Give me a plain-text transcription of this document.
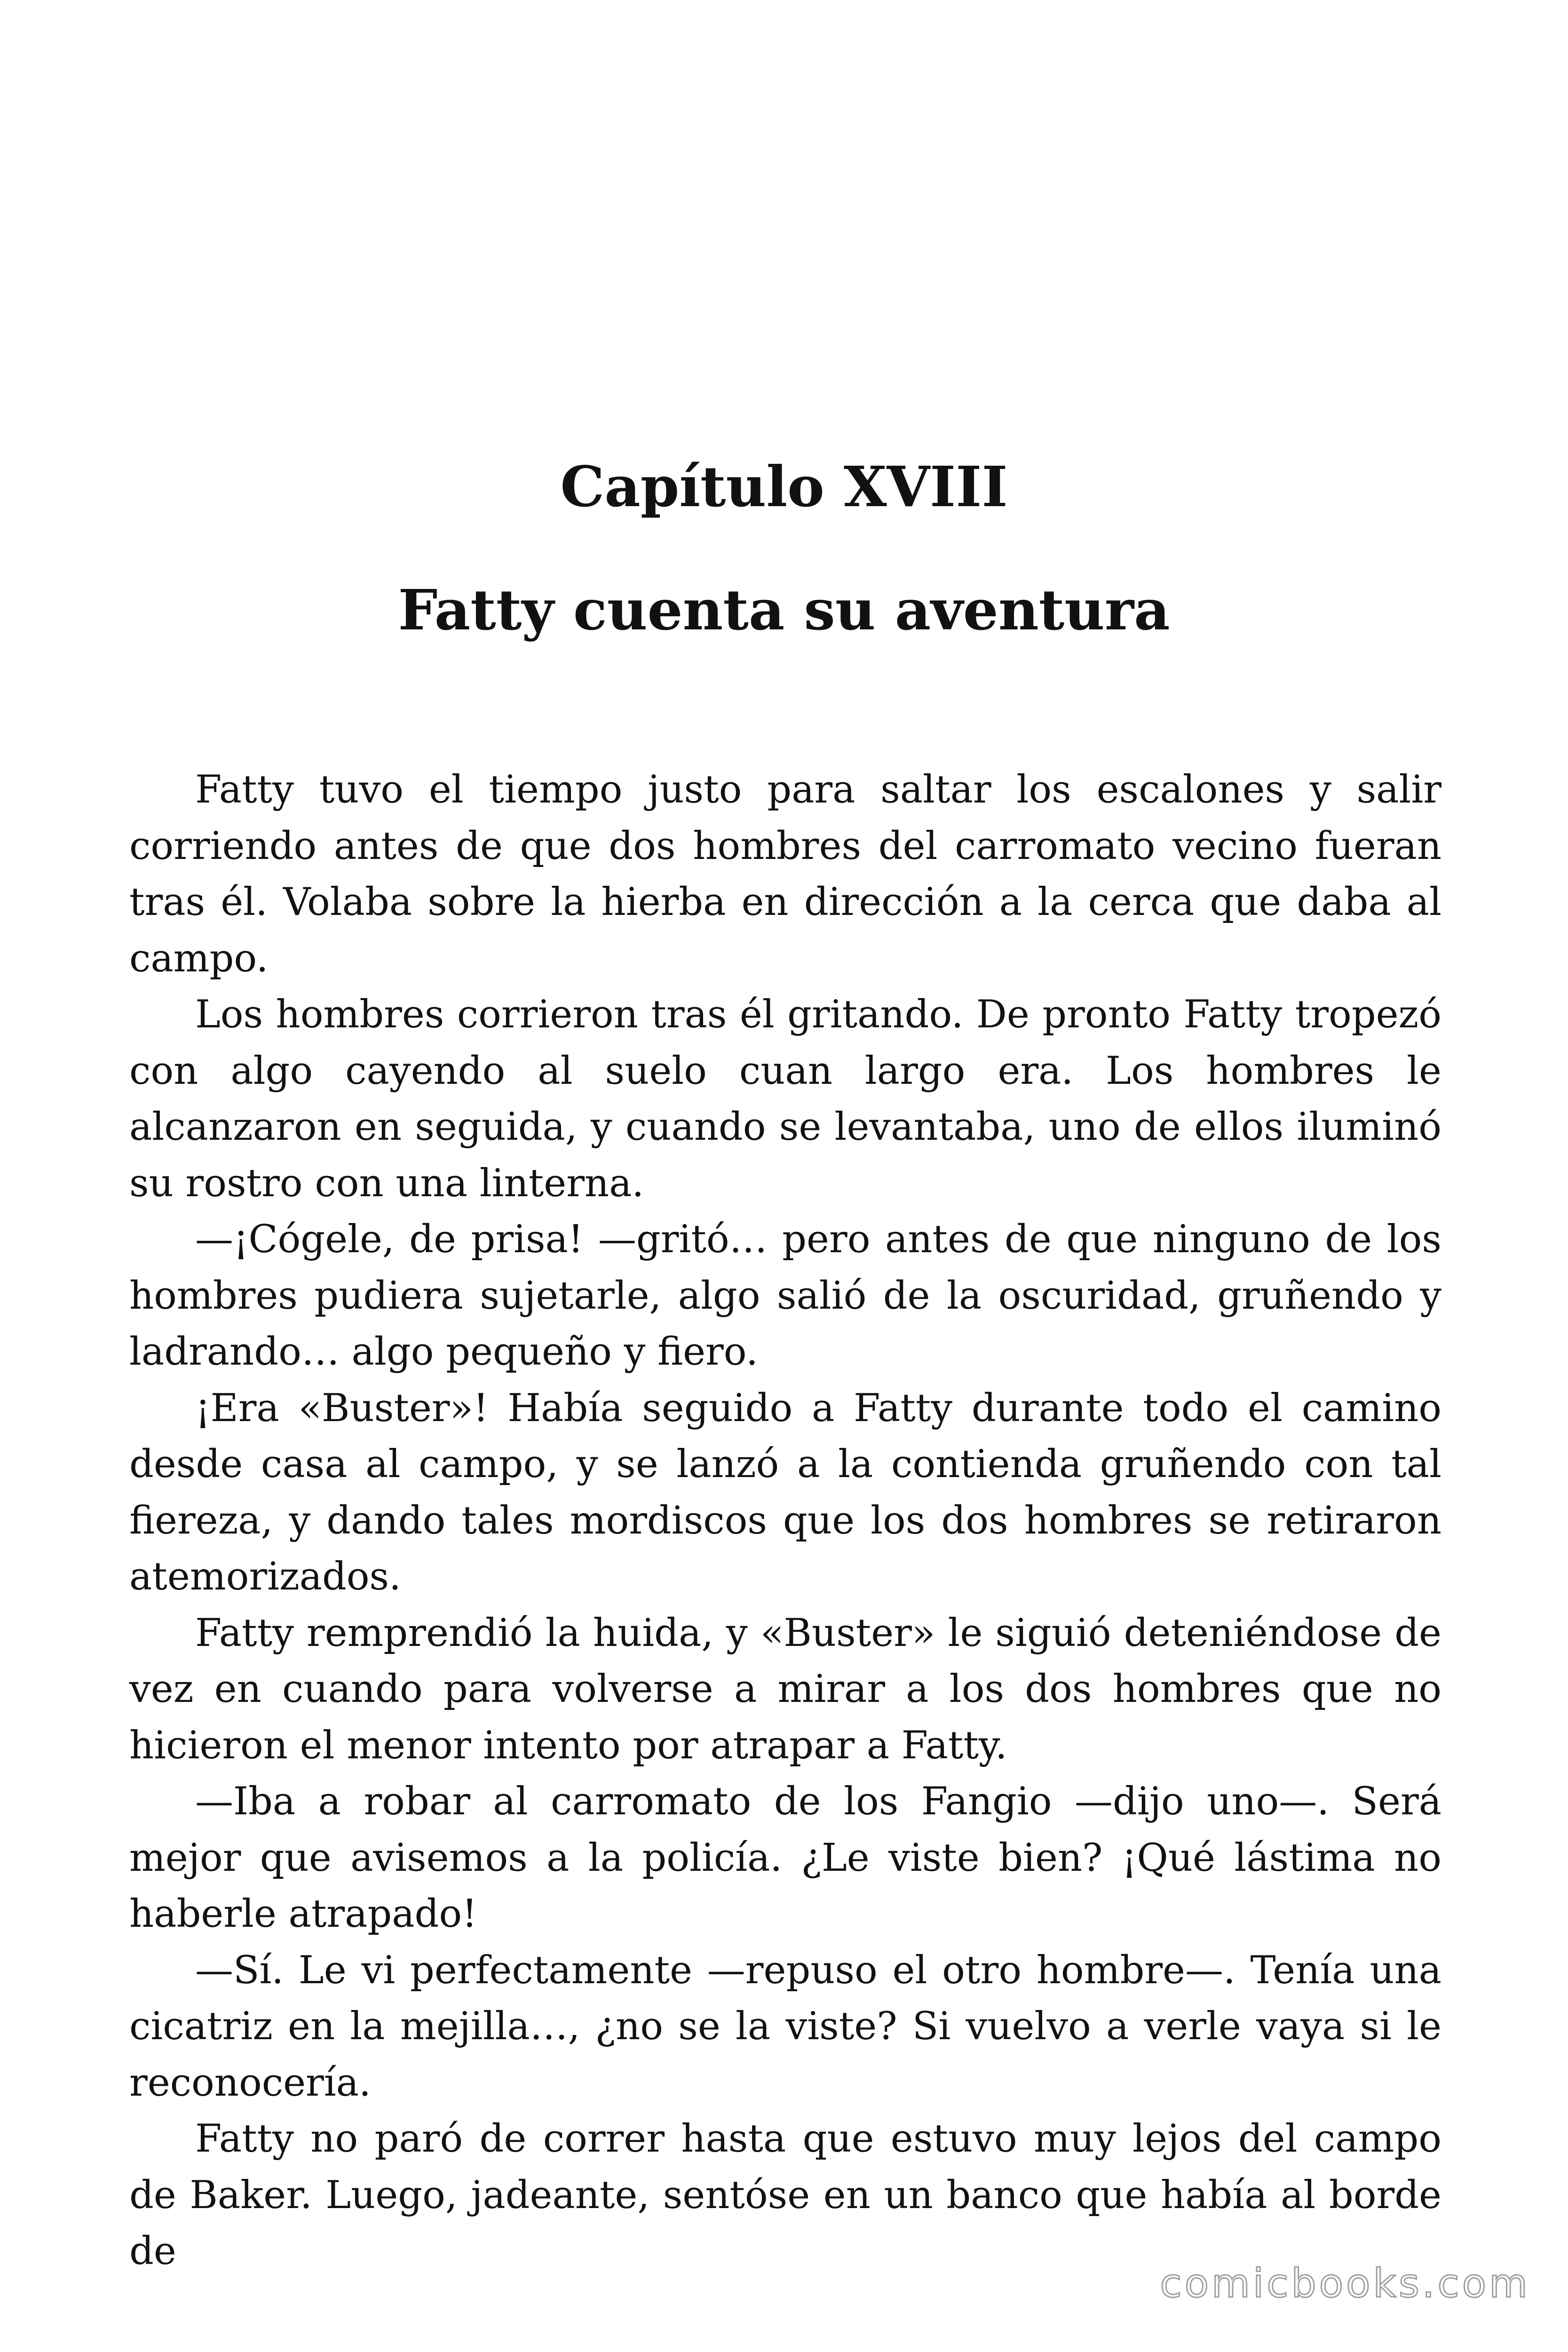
Capítulo XVIII
Fatty cuenta su aventura

Fatty tuvo el tiempo justo para saltar los escalones y salir corriendo antes de que dos hombres del carromato vecino fueran tras él. Volaba sobre la hierba en dirección a la cerca que daba al campo.

Los hombres corrieron tras él gritando. De pronto Fatty tropezó con algo cayendo al suelo cuan largo era. Los hombres le alcanzaron en seguida, y cuando se levantaba, uno de ellos iluminó su rostro con una linterna.

—¡Cógele, de prisa! —gritó… pero antes de que ninguno de los hombres pudiera sujetarle, algo salió de la oscuridad, gruñendo y ladrando… algo pequeño y fiero.

¡Era «Buster»! Había seguido a Fatty durante todo el camino desde casa al campo, y se lanzó a la contienda gruñendo con tal fiereza, y dando tales mordiscos que los dos hombres se retiraron atemorizados.

Fatty remprendió la huida, y «Buster» le siguió deteniéndose de vez en cuando para volverse a mirar a los dos hombres que no hicieron el menor intento por atrapar a Fatty.

—Iba a robar al carromato de los Fangio —dijo uno—. Será mejor que avisemos a la policía. ¿Le viste bien? ¡Qué lástima no haberle atrapado!

—Sí. Le vi perfectamente —repuso el otro hombre—. Tenía una cicatriz en la mejilla…, ¿no se la viste? Si vuelvo a verle vaya si le reconocería.

Fatty no paró de correr hasta que estuvo muy lejos del campo de Baker. Luego, jadeante, sentóse en un banco que había al borde de

comicbooks.com
